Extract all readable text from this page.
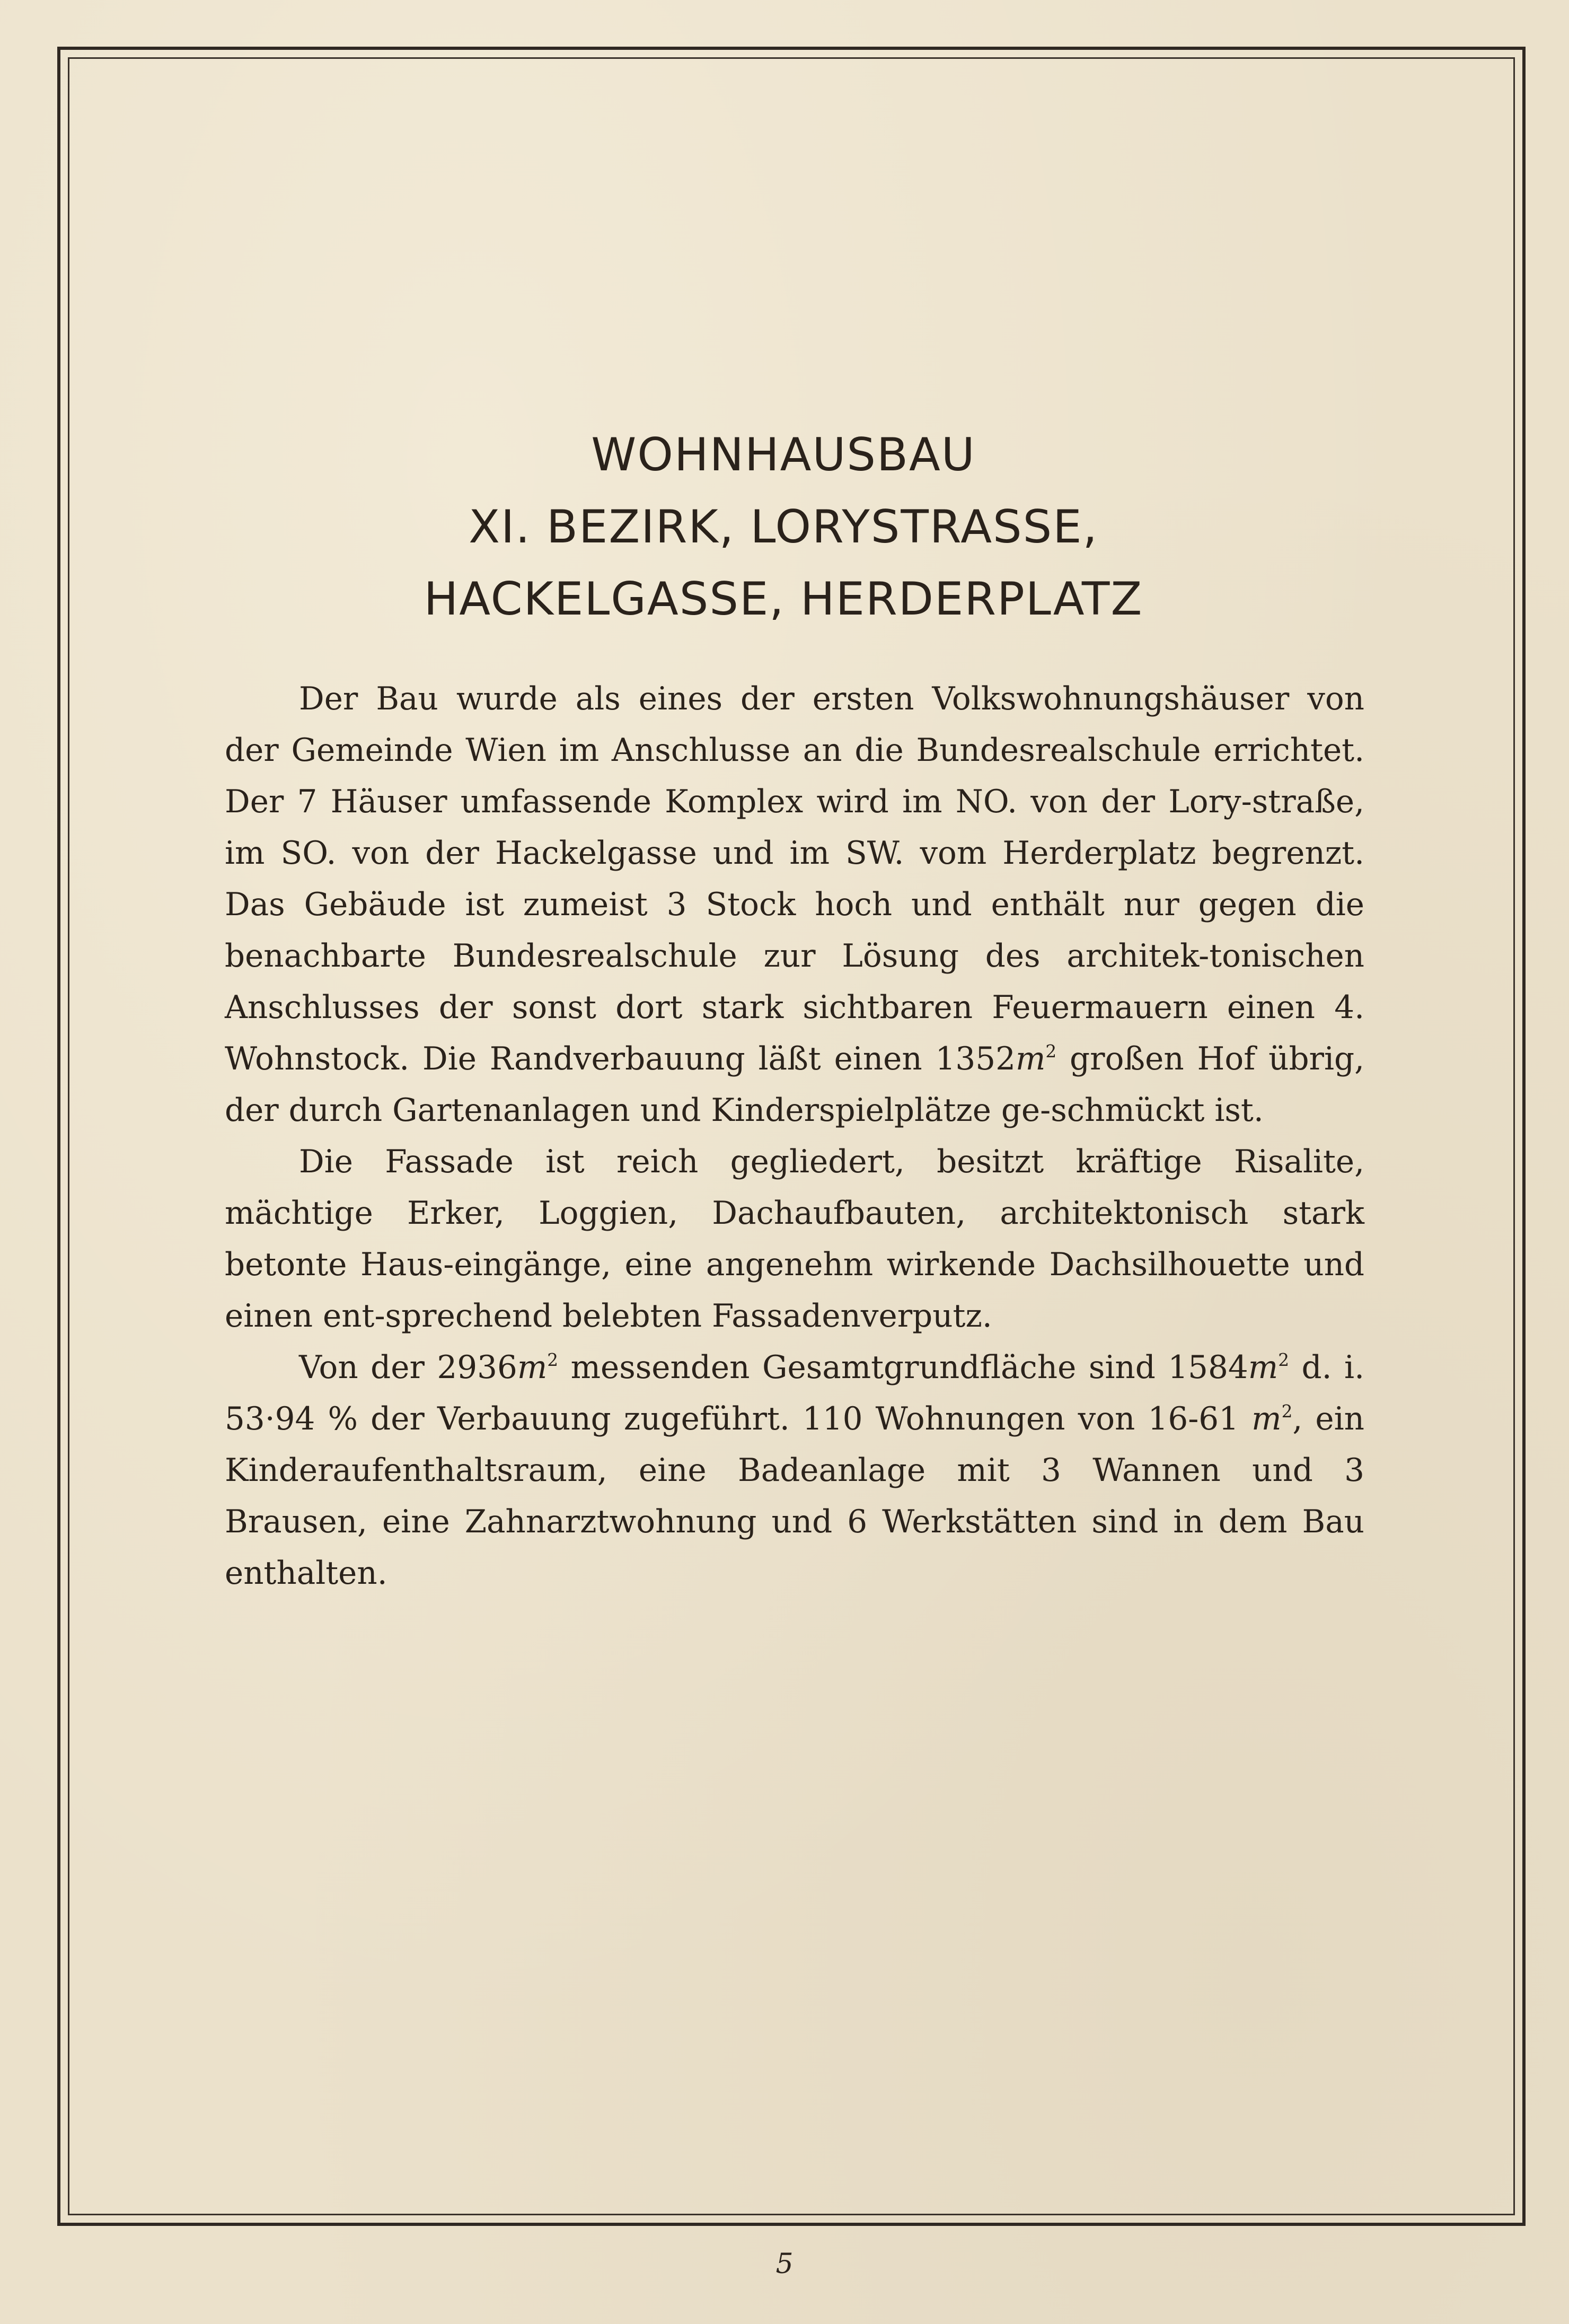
WOHNHAUSBAU
XI. BEZIRK, LORYSTRASSE,
HACKELGASSE, HERDERPLATZ

Der Bau wurde als eines der ersten Volkswohnungshäuser von der Gemeinde Wien im Anschlusse an die Bundesrealschule errichtet. Der 7 Häuser umfassende Komplex wird im NO. von der Lory-straße, im SO. von der Hackelgasse und im SW. vom Herderplatz begrenzt. Das Gebäude ist zumeist 3 Stock hoch und enthält nur gegen die benachbarte Bundesrealschule zur Lösung des architek-tonischen Anschlusses der sonst dort stark sichtbaren Feuermauern einen 4. Wohnstock. Die Randverbauung läßt einen $1352m^2$ großen Hof übrig, der durch Gartenanlagen und Kinderspielplätze ge-schmückt ist.

Die Fassade ist reich gegliedert, besitzt kräftige Risalite, mächtige Erker, Loggien, Dachaufbauten, architektonisch stark betonte Haus-eingänge, eine angenehm wirkende Dachsilhouette und einen ent-sprechend belebten Fassadenverputz.

Von der $2936m^2$ messenden Gesamtgrundfläche sind $1584m^2$ d. i. 53·94 % der Verbauung zugeführt. 110 Wohnungen von 16-61 $m^2$, ein Kinderaufenthaltsraum, eine Badeanlage mit 3 Wannen und 3 Brausen, eine Zahnarztwohnung und 6 Werkstätten sind in dem Bau enthalten.

5
